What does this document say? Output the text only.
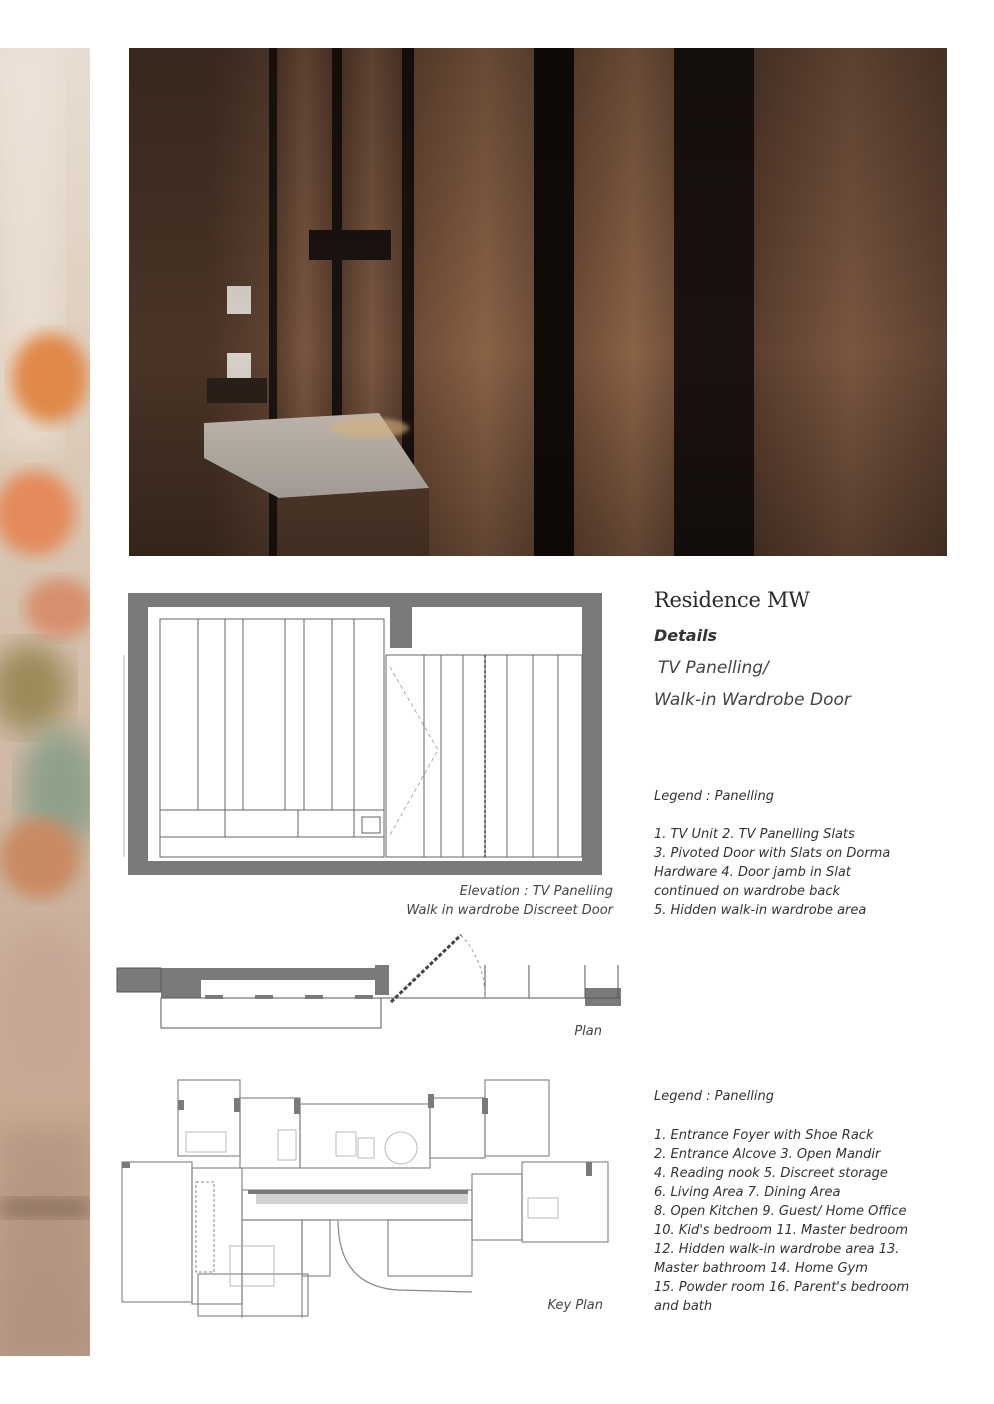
Elevation : TV Paneliing
Walk in wardrobe Discreet Door
Plan
Key Plan
Residence MW
Details
TV Panelling/
Walk-in Wardrobe Door
Legend : Panelling
1. TV Unit 2. TV Panelling Slats
3. Pivoted Door with Slats on Dorma
Hardware 4. Door jamb in Slat
continued on wardrobe back
5. Hidden walk-in wardrobe area
Legend : Panelling
1. Entrance Foyer with Shoe Rack
2. Entrance Alcove 3. Open Mandir
4. Reading nook 5. Discreet storage
6. Living Area 7. Dining Area
8. Open Kitchen 9. Guest/ Home Office
10. Kid's bedroom 11. Master bedroom
12. Hidden walk-in wardrobe area 13.
Master bathroom 14. Home Gym
15. Powder room 16. Parent's bedroom
and bath
